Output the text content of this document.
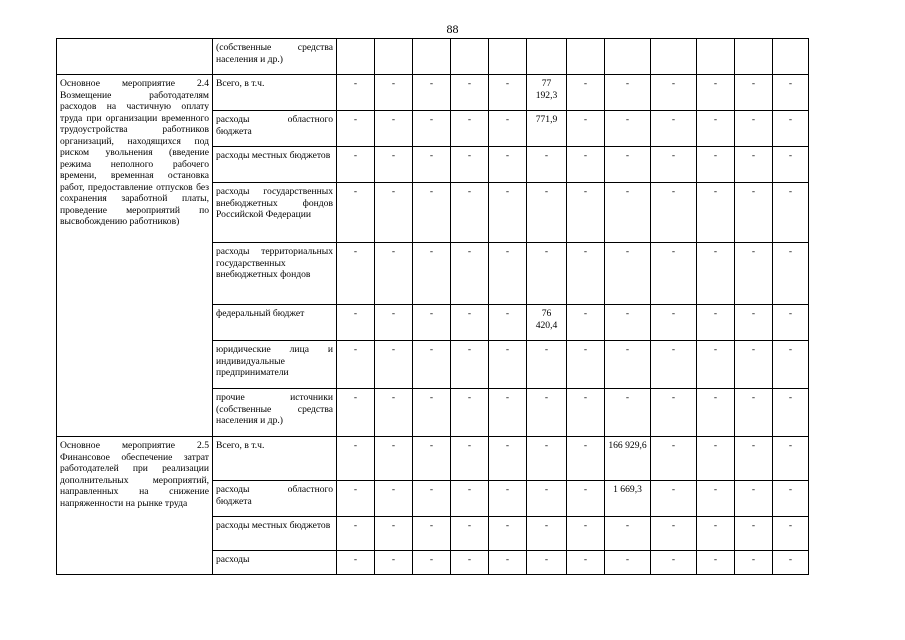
88
	(собственные средства населения и др.)												
Основное мероприятие 2.4 Возмещение работодателям расходов на частичную оплату труда при организации временного трудоустройства работников организаций, находящихся под риском увольнения (введение режима неполного рабочего времени, временная остановка работ, предоставление отпусков без сохранения заработной платы, проведение мероприятий по высвобождению работников)	Всего, в т.ч.	-	-	-	-	-	77 192,3	-	-	-	-	-	-
	расходы областного бюджета	-	-	-	-	-	771,9	-	-	-	-	-	-
	расходы местных бюджетов	-	-	-	-	-	-	-	-	-	-	-	-
	расходы государственных внебюджетных фондов Российской Федерации	-	-	-	-	-	-	-	-	-	-	-	-
	расходы территориальных государственных внебюджетных фондов	-	-	-	-	-	-	-	-	-	-	-	-
	федеральный бюджет	-	-	-	-	-	76 420,4	-	-	-	-	-	-
	юридические лица и индивидуальные предприниматели	-	-	-	-	-	-	-	-	-	-	-	-
	прочие источники (собственные средства населения и др.)	-	-	-	-	-	-	-	-	-	-	-	-
Основное мероприятие 2.5 Финансовое обеспечение затрат работодателей при реализации дополнительных мероприятий, направленных на снижение напряженности на рынке труда	Всего, в т.ч.	-	-	-	-	-	-	-	166 929,6	-	-	-	-
	расходы областного бюджета	-	-	-	-	-	-	-	1 669,3	-	-	-	-
	расходы местных бюджетов	-	-	-	-	-	-	-	-	-	-	-	-
	расходы	-	-	-	-	-	-	-	-	-	-	-	-
